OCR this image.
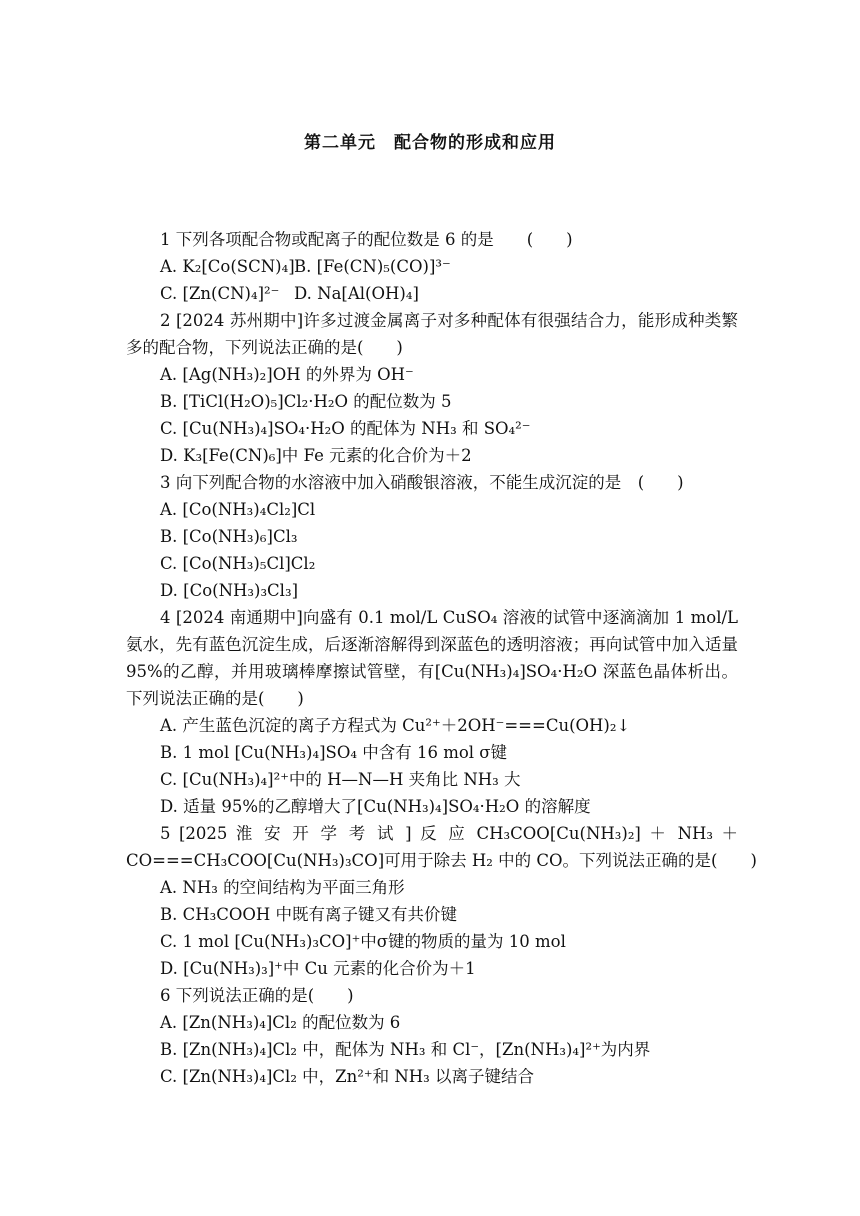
第二单元 配合物的形成和应用
1 下列各项配合物或配离子的配位数是 6 的是　　(　　)
A. K₂[Co(SCN)₄]B. [Fe(CN)₅(CO)]³⁻
C. [Zn(CN)₄]²⁻ D. Na[Al(OH)₄]
2 [2024 苏州期中]许多过渡金属离子对多种配体有很强结合力，能形成种类繁多的配合物，下列说法正确的是(　　)
A. [Ag(NH₃)₂]OH 的外界为 OH⁻
B. [TiCl(H₂O)₅]Cl₂·H₂O 的配位数为 5
C. [Cu(NH₃)₄]SO₄·H₂O 的配体为 NH₃ 和 SO₄²⁻
D. K₃[Fe(CN)₆]中 Fe 元素的化合价为＋2
3 向下列配合物的水溶液中加入硝酸银溶液，不能生成沉淀的是　(　　)
A. [Co(NH₃)₄Cl₂]Cl
B. [Co(NH₃)₆]Cl₃
C. [Co(NH₃)₅Cl]Cl₂
D. [Co(NH₃)₃Cl₃]
4 [2024 南通期中]向盛有 0.1 mol/L CuSO₄ 溶液的试管中逐滴滴加 1 mol/L 氨水，先有蓝色沉淀生成，后逐渐溶解得到深蓝色的透明溶液；再向试管中加入适量 95%的乙醇，并用玻璃棒摩擦试管壁，有[Cu(NH₃)₄]SO₄·H₂O 深蓝色晶体析出。下列说法正确的是(　　)
A. 产生蓝色沉淀的离子方程式为 Cu²⁺＋2OH⁻===Cu(OH)₂↓
B. 1 mol [Cu(NH₃)₄]SO₄ 中含有 16 mol σ键
C. [Cu(NH₃)₄]²⁺中的 H—N—H 夹角比 NH₃ 大
D. 适量 95%的乙醇增大了[Cu(NH₃)₄]SO₄·H₂O 的溶解度
5 [2025 淮 安 开 学 考 试 ] 反 应 CH₃COO[Cu(NH₃)₂] ＋ NH₃ ＋
CO===CH₃COO[Cu(NH₃)₃CO]可用于除去 H₂ 中的 CO。下列说法正确的是(　　)
A. NH₃ 的空间结构为平面三角形
B. CH₃COOH 中既有离子键又有共价键
C. 1 mol [Cu(NH₃)₃CO]⁺中σ键的物质的量为 10 mol
D. [Cu(NH₃)₃]⁺中 Cu 元素的化合价为＋1
6 下列说法正确的是(　　)
A. [Zn(NH₃)₄]Cl₂ 的配位数为 6
B. [Zn(NH₃)₄]Cl₂ 中，配体为 NH₃ 和 Cl⁻，[Zn(NH₃)₄]²⁺为内界
C. [Zn(NH₃)₄]Cl₂ 中，Zn²⁺和 NH₃ 以离子键结合
